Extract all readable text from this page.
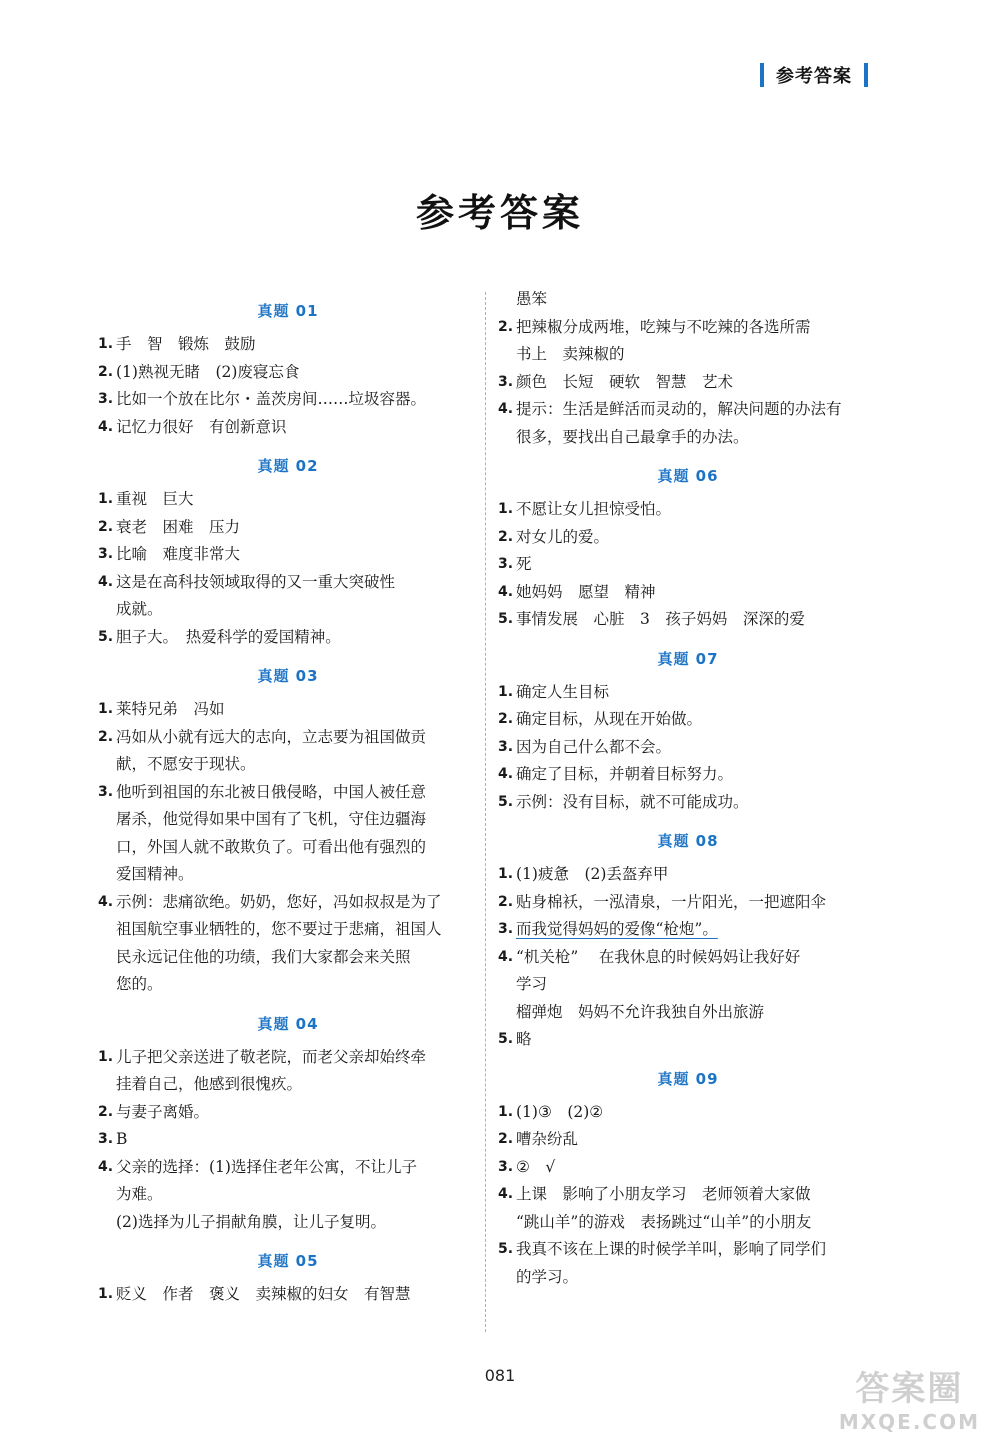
参考答案
参考答案
真题 01
1. 手　智　锻炼　鼓励
2. (1)熟视无睹　(2)废寝忘食
3. 比如一个放在比尔・盖茨房间……垃圾容器。
4. 记忆力很好　有创新意识
真题 02
1. 重视　巨大
2. 衰老　困难　压力
3. 比喻　难度非常大
4. 这是在高科技领域取得的又一重大突破性
成就。
5. 胆子大。　热爱科学的爱国精神。
真题 03
1. 莱特兄弟　冯如
2. 冯如从小就有远大的志向，立志要为祖国做贡
献，不愿安于现状。
3. 他听到祖国的东北被日俄侵略，中国人被任意
屠杀，他觉得如果中国有了飞机，守住边疆海
口，外国人就不敢欺负了。可看出他有强烈的
爱国精神。
4. 示例：悲痛欲绝。奶奶，您好，冯如叔叔是为了
祖国航空事业牺牲的，您不要过于悲痛，祖国人
民永远记住他的功绩，我们大家都会来关照
您的。
真题 04
1. 儿子把父亲送进了敬老院，而老父亲却始终牵
挂着自己，他感到很愧疚。
2. 与妻子离婚。
3. B
4. 父亲的选择：(1)选择住老年公寓，不让儿子
为难。
(2)选择为儿子捐献角膜，让儿子复明。
真题 05
1. 贬义　作者　褒义　卖辣椒的妇女　有智慧
愚笨
2. 把辣椒分成两堆，吃辣与不吃辣的各选所需
书上　卖辣椒的
3. 颜色　长短　硬软　智慧　艺术
4. 提示：生活是鲜活而灵动的，解决问题的办法有
很多，要找出自己最拿手的办法。
真题 06
1. 不愿让女儿担惊受怕。
2. 对女儿的爱。
3. 死
4. 她妈妈　愿望　精神
5. 事情发展　心脏　3　孩子妈妈　深深的爱
真题 07
1. 确定人生目标
2. 确定目标，从现在开始做。
3. 因为自己什么都不会。
4. 确定了目标，并朝着目标努力。
5. 示例：没有目标，就不可能成功。
真题 08
1. (1)疲惫　(2)丢盔弃甲
2. 贴身棉袄，一泓清泉，一片阳光，一把遮阳伞
3. 而我觉得妈妈的爱像“枪炮”。
4. “机关枪”　 在我休息的时候妈妈让我好好
学习
榴弹炮　妈妈不允许我独自外出旅游
5. 略
真题 09
1. (1)③　(2)②
2. 嘈杂纷乱
3. ②　√
4. 上课　影响了小朋友学习　老师领着大家做
“跳山羊”的游戏　表扬跳过“山羊”的小朋友
5. 我真不该在上课的时候学羊叫，影响了同学们
的学习。
081	答案圈
MXQE.COM
